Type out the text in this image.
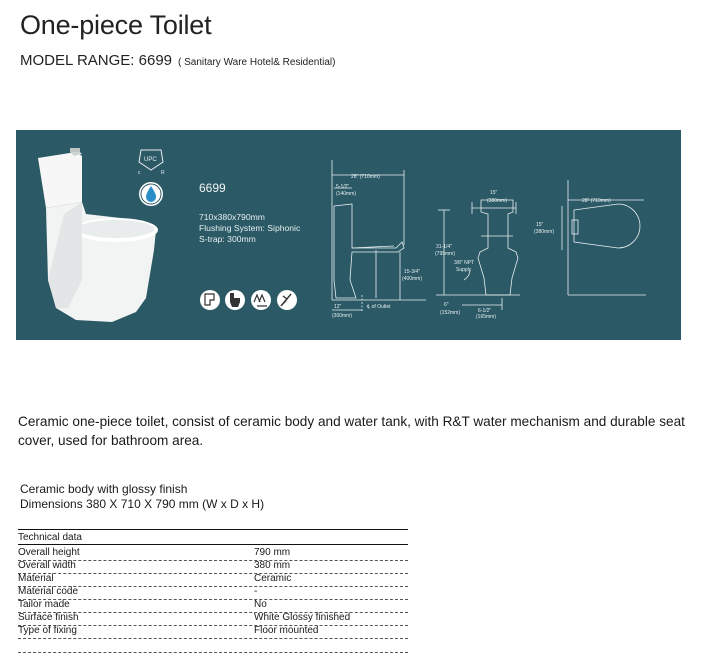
One-piece Toilet
MODEL RANGE: 6699 ( Sanitary Ware Hotel& Residential)
UPC
c	R
28" (710mm)
5-1/2"
(140mm)
15-3/4"
(400mm)
12"
(300mm)
℄ of Outlet
15"
(380mm)
31-1/4"
(795mm)
3/8" NPT
Supply
6"
(152mm)	6-1/2"
(165mm)
28" (710mm)
15"
(380mm)
6699
710x380x790mm
Flushing System: Siphonic
S-trap: 300mm
Ceramic one-piece toilet, consist of ceramic body and water tank, with R&T water mechanism and durable seat cover, used for bathroom area.
Ceramic body with glossy finish
Dimensions 380 X 710 X 790 mm (W x D x H)
Technical data
Overall height	790 mm
Overall width	380 mm
Material	Ceramic
Material code	-
Tailor made	No
Surface finish	White Glossy finished
Type of fixing	Floor mounted
